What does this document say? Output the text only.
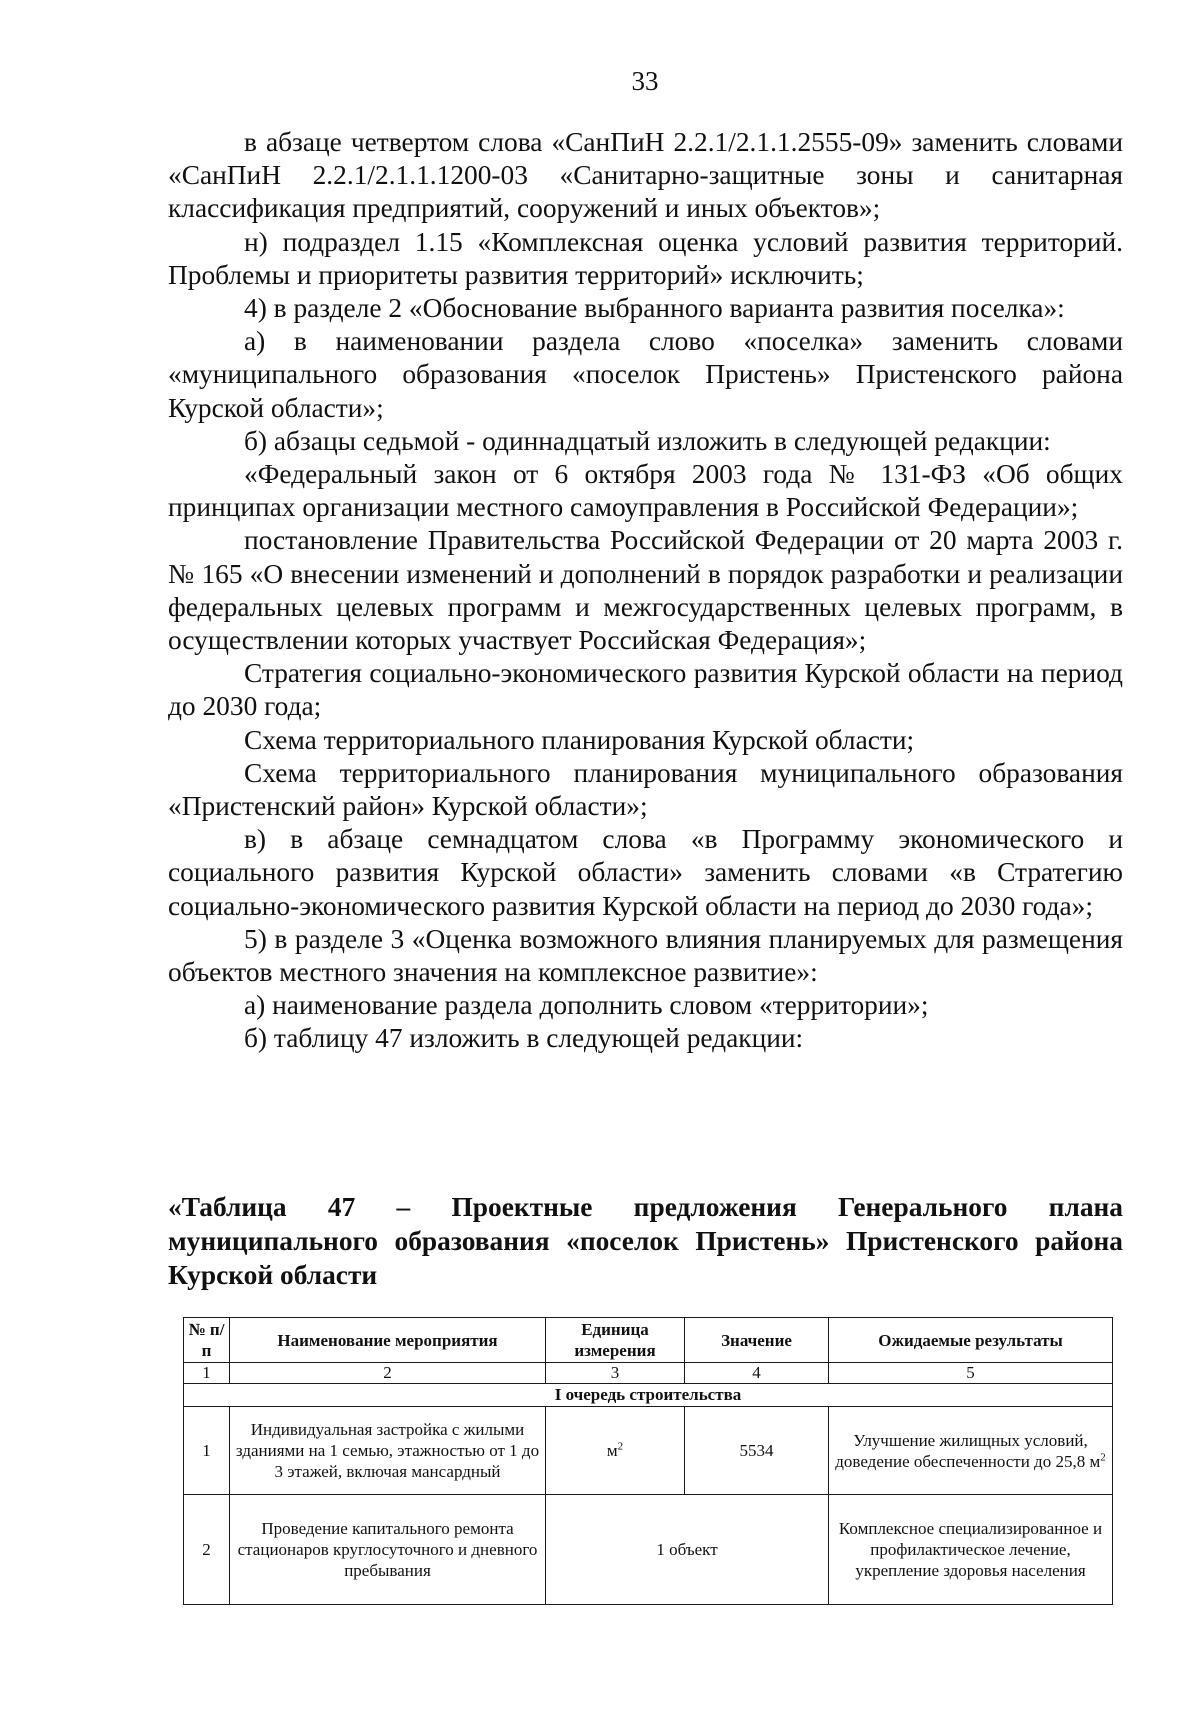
33

в абзаце четвертом слова «СанПиН 2.2.1/2.1.1.2555-09» заменить словами «СанПиН 2.2.1/2.1.1.1200-03 «Санитарно-защитные зоны и санитарная классификация предприятий, сооружений и иных объектов»;

н) подраздел 1.15 «Комплексная оценка условий развития территорий. Проблемы и приоритеты развития территорий» исключить;

4) в разделе 2 «Обоснование выбранного варианта развития поселка»:

а) в наименовании раздела слово «поселка» заменить словами «муниципального образования «поселок Пристень» Пристенского района Курской области»;

б) абзацы седьмой - одиннадцатый изложить в следующей редакции:

«Федеральный закон от 6 октября 2003 года № 131-ФЗ «Об общих принципах организации местного самоуправления в Российской Федерации»;

постановление Правительства Российской Федерации от 20 марта 2003 г. № 165 «О внесении изменений и дополнений в порядок разработки и реализации федеральных целевых программ и межгосударственных целевых программ, в осуществлении которых участвует Российская Федерация»;

Стратегия социально-экономического развития Курской области на период до 2030 года;

Схема территориального планирования Курской области;

Схема территориального планирования муниципального образования «Пристенский район» Курской области»;

в) в абзаце семнадцатом слова «в Программу экономического и социального развития Курской области» заменить словами «в Стратегию социально-экономического развития Курской области на период до 2030 года»;

5) в разделе 3 «Оценка возможного влияния планируемых для размещения объектов местного значения на комплексное развитие»:

а) наименование раздела дополнить словом «территории»;

б) таблицу 47 изложить в следующей редакции:

«Таблица 47 – Проектные предложения Генерального плана муниципального образования «поселок Пристень» Пристенского района Курской области
№ п/п	Наименование мероприятия	Единица измерения	Значение	Ожидаемые результаты
1	2	3	4	5
I очередь строительства				
1	Индивидуальная застройка с жилыми зданиями на 1 семью, этажностью от 1 до 3 этажей, включая мансардный	$м^2$	5534	Улучшение жилищных условий, доведение обеспеченности до 25,8 $м^2$
2	Проведение капитального ремонта стационаров круглосуточного и дневного пребывания	1 объект		Комплексное специализированное и профилактическое лечение, укрепление здоровья населения
